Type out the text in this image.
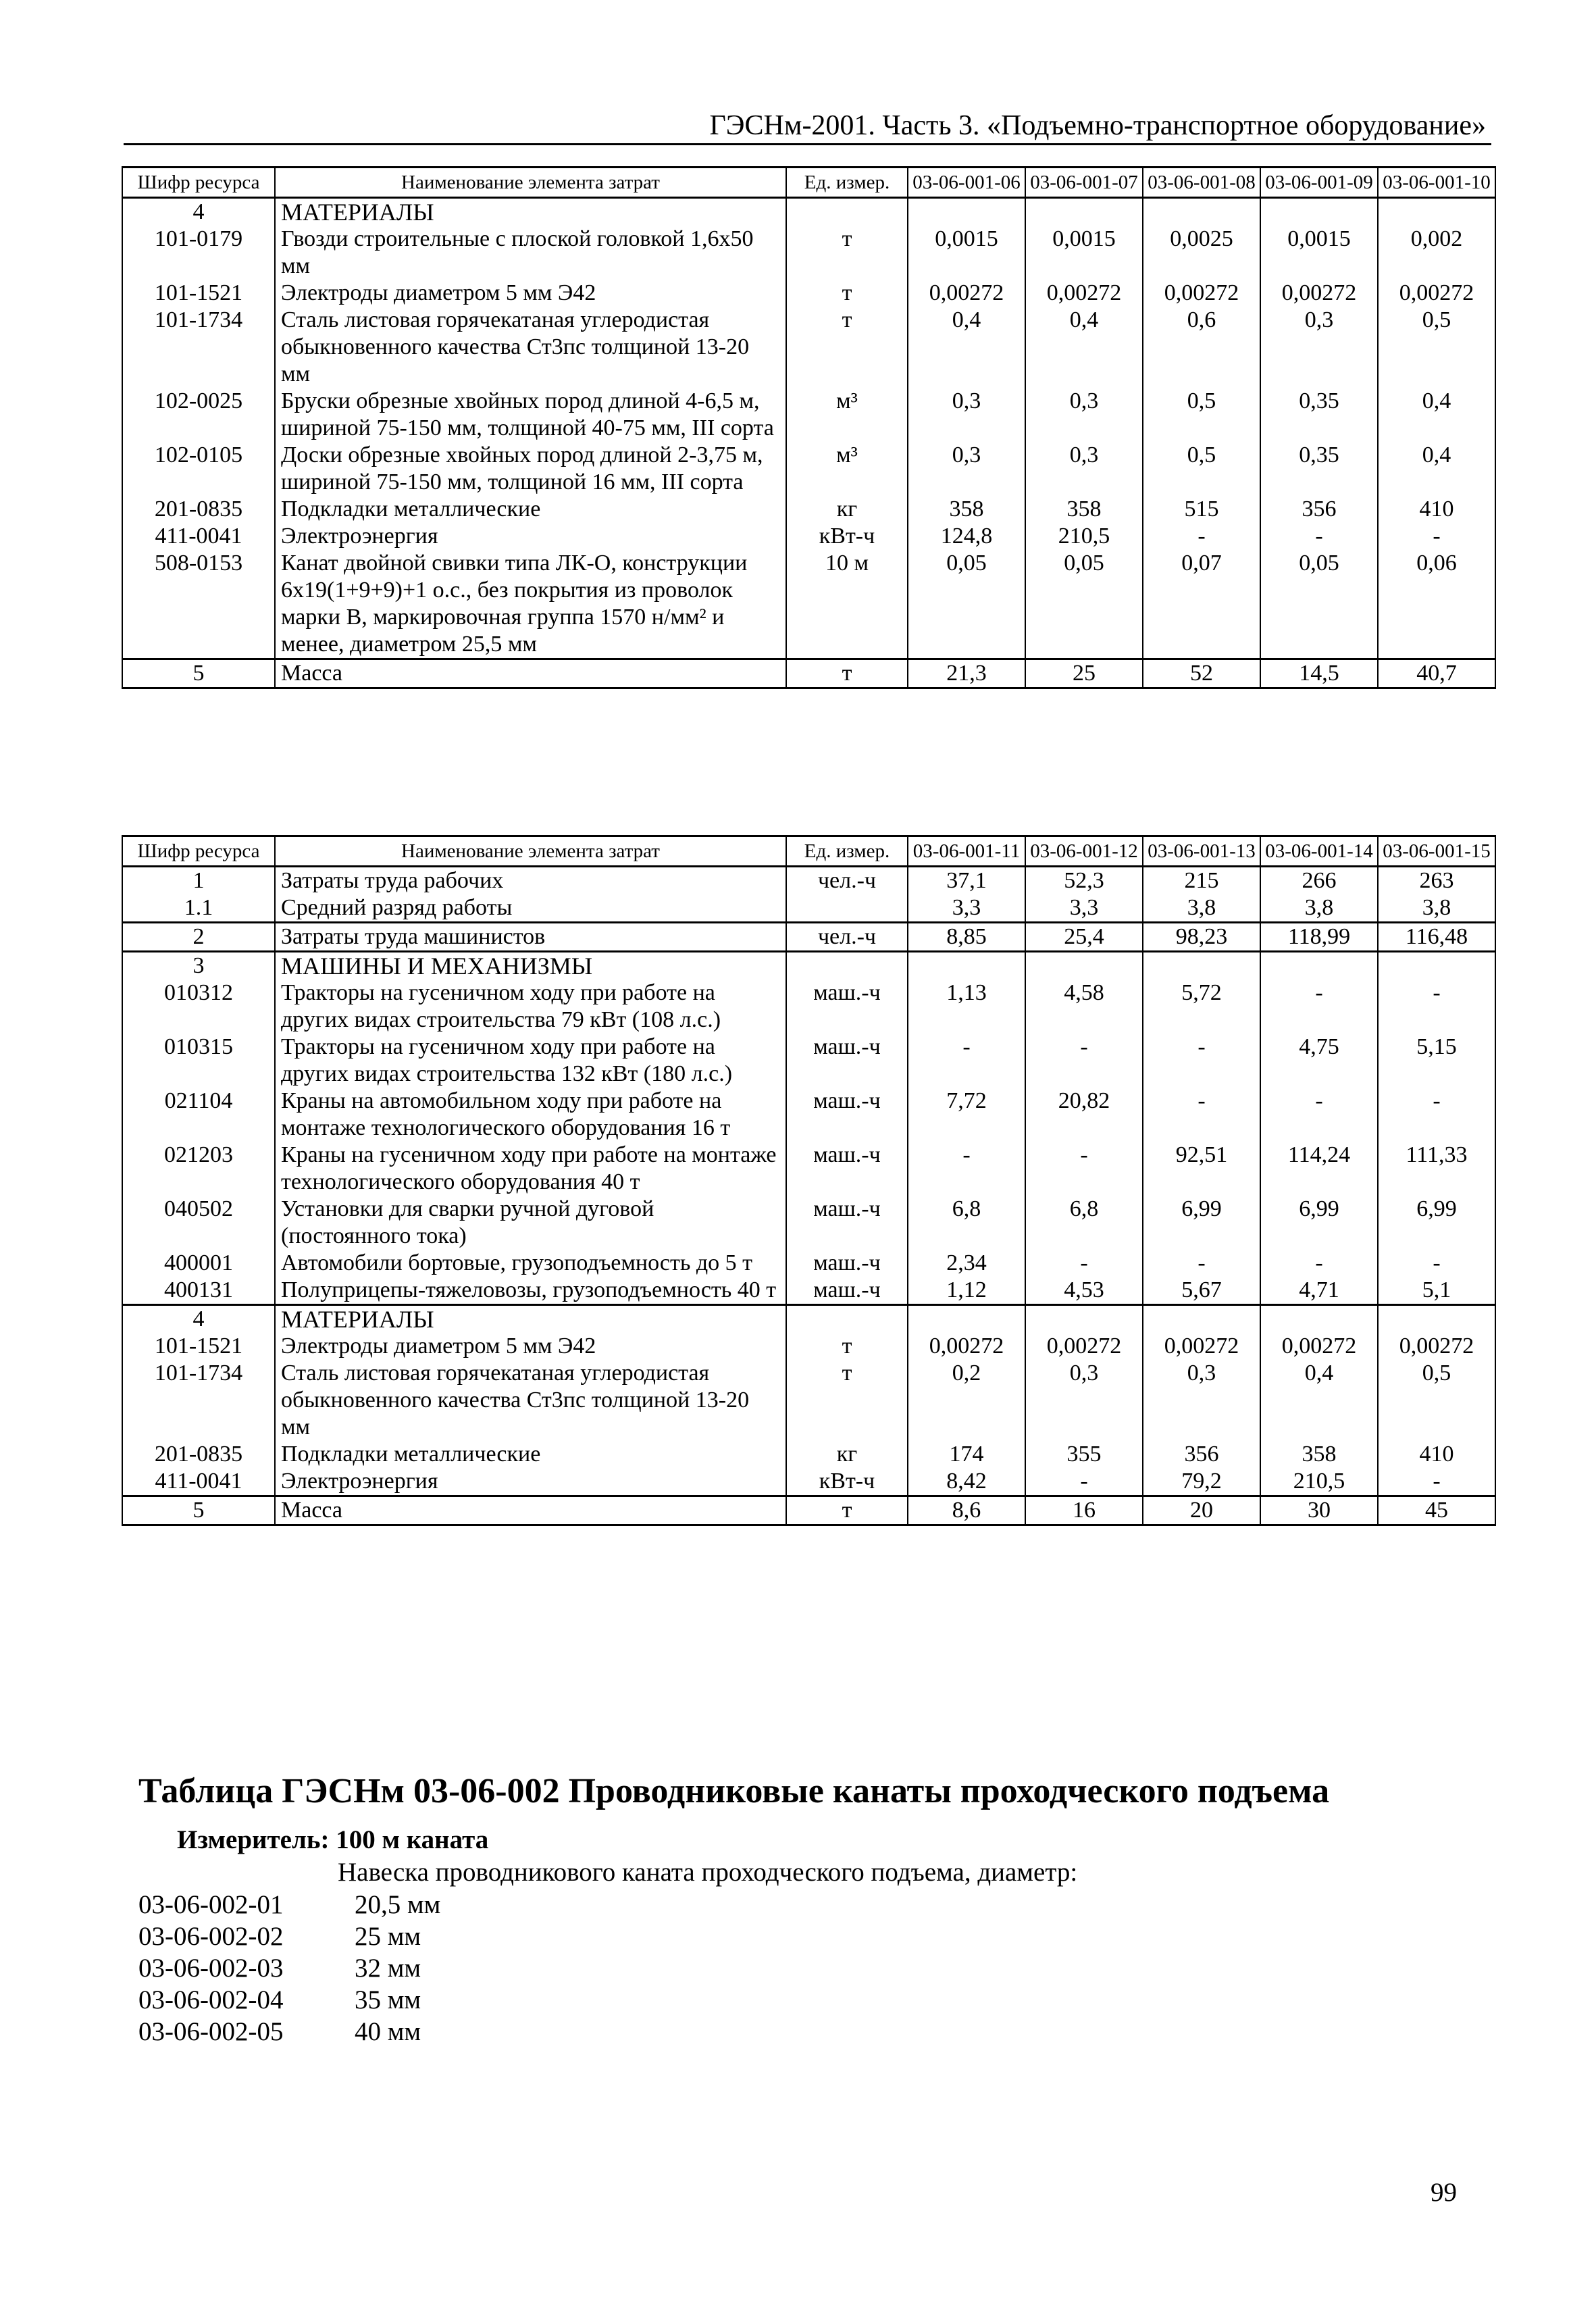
ГЭСНм-2001. Часть 3. «Подъемно-транспортное оборудование»
Шифр ресурса	Наименование элемента затрат	Ед. измер.	03-06-001-06	03-06-001-07	03-06-001-08	03-06-001-09	03-06-001-10
4	МАТЕРИАЛЫ						
101-0179	Гвозди строительные с плоской головкой 1,6х50 мм	т	0,0015	0,0015	0,0025	0,0015	0,002
101-1521	Электроды диаметром 5 мм Э42	т	0,00272	0,00272	0,00272	0,00272	0,00272
101-1734	Сталь листовая горячекатаная углеродистая обыкновенного качества Ст3пс толщиной 13-20 мм	т	0,4	0,4	0,6	0,3	0,5
102-0025	Бруски обрезные хвойных пород длиной 4-6,5 м, шириной 75-150 мм, толщиной 40-75 мм, III сорта	м³	0,3	0,3	0,5	0,35	0,4
102-0105	Доски обрезные хвойных пород длиной 2-3,75 м, шириной 75-150 мм, толщиной 16 мм, III сорта	м³	0,3	0,3	0,5	0,35	0,4
201-0835	Подкладки металлические	кг	358	358	515	356	410
411-0041	Электроэнергия	кВт-ч	124,8	210,5	-	-	-
508-0153	Канат двойной свивки типа ЛК-О, конструкции 6х19(1+9+9)+1 о.с., без покрытия из проволок марки В, маркировочная группа 1570 н/мм² и менее, диаметром 25,5 мм	10 м	0,05	0,05	0,07	0,05	0,06
5	Масса	т	21,3	25	52	14,5	40,7
Шифр ресурса	Наименование элемента затрат	Ед. измер.	03-06-001-11	03-06-001-12	03-06-001-13	03-06-001-14	03-06-001-15
1	Затраты труда рабочих	чел.-ч	37,1	52,3	215	266	263
1.1	Средний разряд работы		3,3	3,3	3,8	3,8	3,8
2	Затраты труда машинистов	чел.-ч	8,85	25,4	98,23	118,99	116,48
3	МАШИНЫ И МЕХАНИЗМЫ						
010312	Тракторы на гусеничном ходу при работе на других видах строительства 79 кВт (108 л.с.)	маш.-ч	1,13	4,58	5,72	-	-
010315	Тракторы на гусеничном ходу при работе на других видах строительства 132 кВт (180 л.с.)	маш.-ч	-	-	-	4,75	5,15
021104	Краны на автомобильном ходу при работе на монтаже технологического оборудования 16 т	маш.-ч	7,72	20,82	-	-	-
021203	Краны на гусеничном ходу при работе на монтаже технологического оборудования 40 т	маш.-ч	-	-	92,51	114,24	111,33
040502	Установки для сварки ручной дуговой (постоянного тока)	маш.-ч	6,8	6,8	6,99	6,99	6,99
400001	Автомобили бортовые, грузоподъемность до 5 т	маш.-ч	2,34	-	-	-	-
400131	Полуприцепы-тяжеловозы, грузоподъемность 40 т	маш.-ч	1,12	4,53	5,67	4,71	5,1
4	МАТЕРИАЛЫ						
101-1521	Электроды диаметром 5 мм Э42	т	0,00272	0,00272	0,00272	0,00272	0,00272
101-1734	Сталь листовая горячекатаная углеродистая обыкновенного качества Ст3пс толщиной 13-20 мм	т	0,2	0,3	0,3	0,4	0,5
201-0835	Подкладки металлические	кг	174	355	356	358	410
411-0041	Электроэнергия	кВт-ч	8,42	-	79,2	210,5	-
5	Масса	т	8,6	16	20	30	45
Таблица ГЭСНм 03-06-002 Проводниковые канаты проходческого подъема
Измеритель: 100 м каната
Навеска проводникового каната проходческого подъема, диаметр:
03-06-002-01	20,5 мм
03-06-002-02	25 мм
03-06-002-03	32 мм
03-06-002-04	35 мм
03-06-002-05	40 мм
99
